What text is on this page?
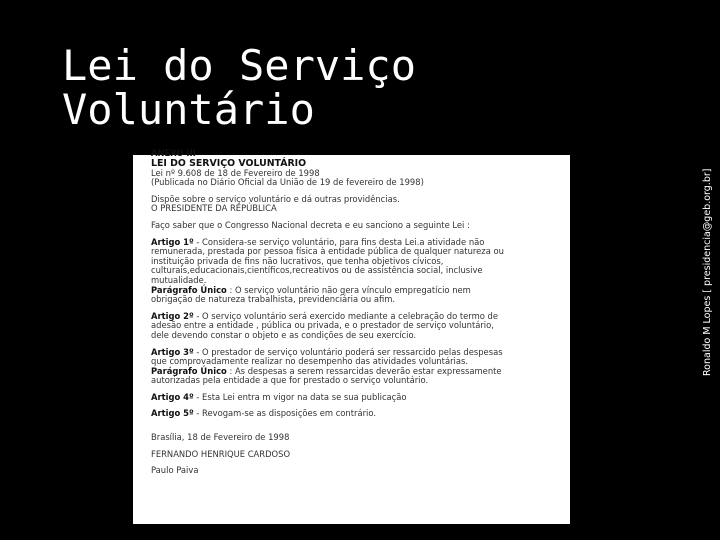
Lei do Serviço
Voluntário
Ronaldo M Lopes [ presidencia@geb.org.br]
ANEXO III
LEI DO SERVIÇO VOLUNTÁRIO
Lei nº 9.608 de 18 de Fevereiro de 1998
(Publicada no Diário Oficial da União de 19 de fevereiro de 1998)
Dispõe sobre o serviço voluntário e dá outras providências.
O PRESIDENTE DA REPÚBLICA
Faço saber que o Congresso Nacional decreta e eu sanciono a seguinte Lei :
Artigo 1º - Considera-se serviço voluntário, para fins desta Lei.a atividade não
remunerada, prestada por pessoa física à entidade pública de qualquer natureza ou
instituição privada de fins não lucrativos, que tenha objetivos cívicos,
culturais,educacionais,científicos,recreativos ou de assistência social, inclusive
mutualidade.
Parágrafo Único : O serviço voluntário não gera vínculo empregatício nem
obrigação de natureza trabalhista, previdenciária ou afim.
Artigo 2º - O serviço voluntário será exercido mediante a celebração do termo de
adesão entre a entidade , pública ou privada, e o prestador de serviço voluntário,
dele devendo constar o objeto e as condições de seu exercício.
Artigo 3º - O prestador de serviço voluntário poderá ser ressarcido pelas despesas
que comprovadamente realizar no desempenho das atividades voluntárias.
Parágrafo Único : As despesas a serem ressarcidas deverão estar expressamente
autorizadas pela entidade a que for prestado o serviço voluntário.
Artigo 4º - Esta Lei entra m vigor na data se sua publicação
Artigo 5º - Revogam-se as disposições em contrário.
Brasília, 18 de Fevereiro de 1998
FERNANDO HENRIQUE CARDOSO
Paulo Paiva
